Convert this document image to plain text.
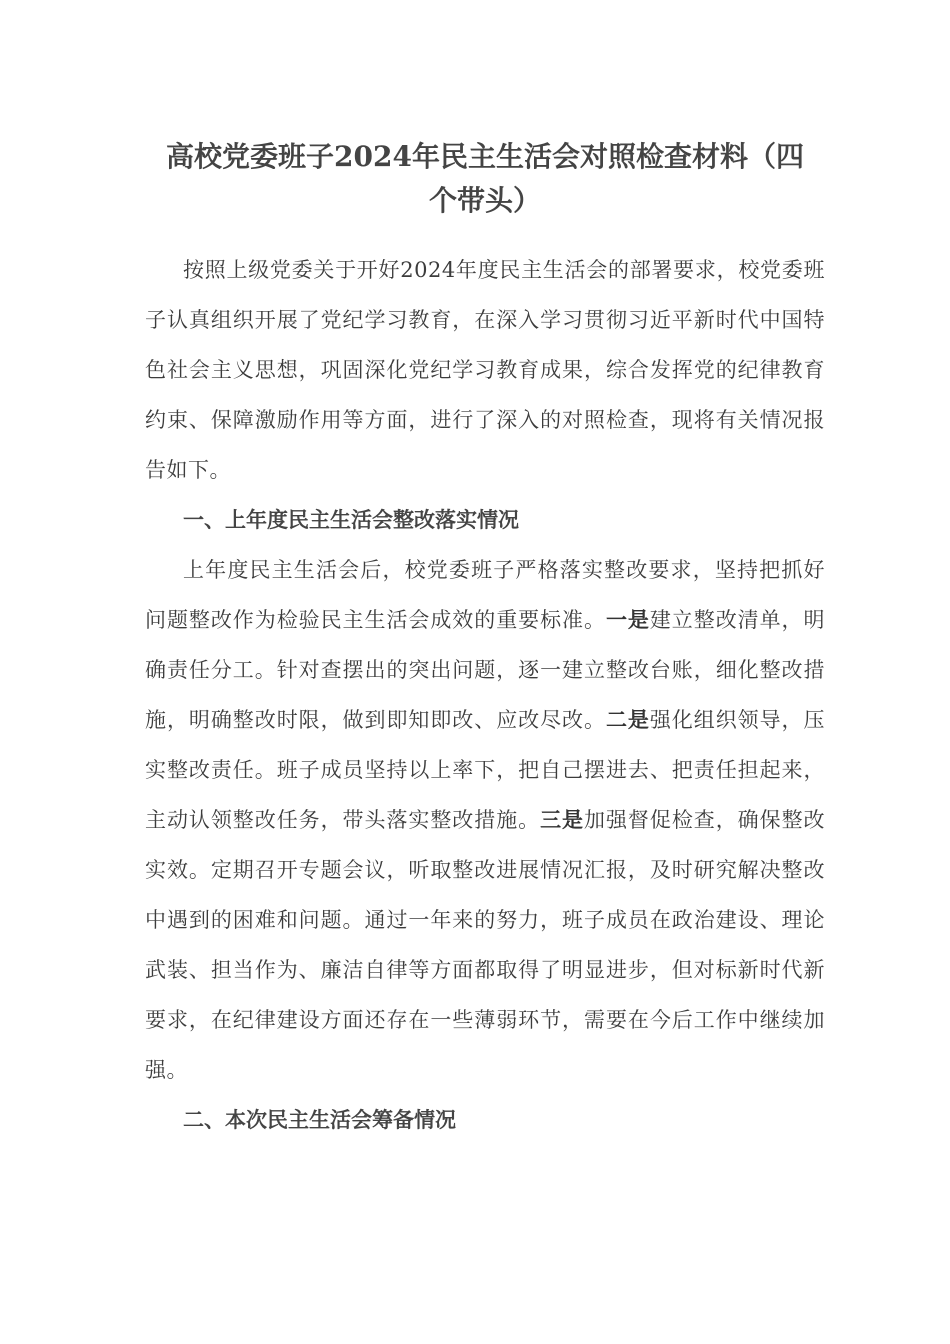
高校党委班子2024年民主生活会对照检查材料（四
个带头）

按照上级党委关于开好2024年度民主生活会的部署要求，校党委班子认真组织开展了党纪学习教育，在深入学习贯彻习近平新时代中国特色社会主义思想，巩固深化党纪学习教育成果，综合发挥党的纪律教育约束、保障激励作用等方面，进行了深入的对照检查，现将有关情况报告如下。

一、上年度民主生活会整改落实情况

上年度民主生活会后，校党委班子严格落实整改要求，坚持把抓好问题整改作为检验民主生活会成效的重要标准。一是建立整改清单，明确责任分工。针对查摆出的突出问题，逐一建立整改台账，细化整改措施，明确整改时限，做到即知即改、应改尽改。二是强化组织领导，压实整改责任。班子成员坚持以上率下，把自己摆进去、把责任担起来，主动认领整改任务，带头落实整改措施。三是加强督促检查，确保整改实效。定期召开专题会议，听取整改进展情况汇报，及时研究解决整改中遇到的困难和问题。通过一年来的努力，班子成员在政治建设、理论武装、担当作为、廉洁自律等方面都取得了明显进步，但对标新时代新要求，在纪律建设方面还存在一些薄弱环节，需要在今后工作中继续加强。

二、本次民主生活会筹备情况
